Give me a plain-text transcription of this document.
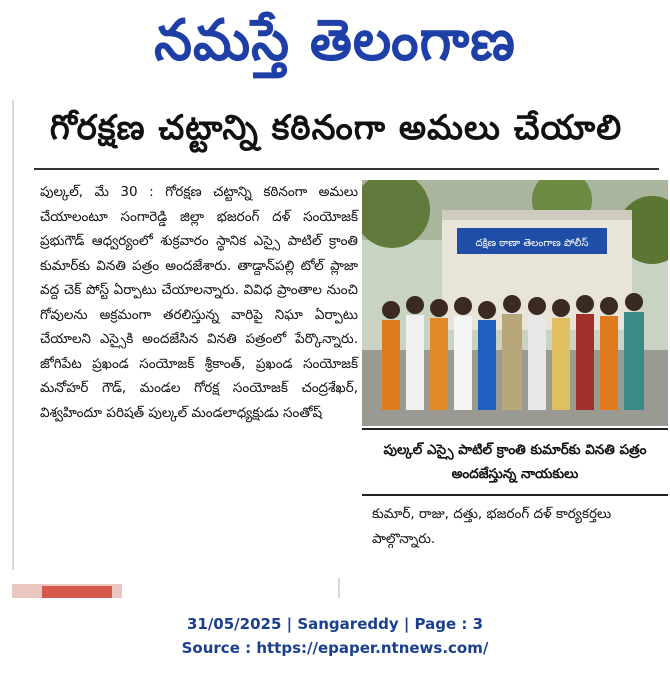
నమస్తే తెలంగాణ
గోరక్షణ చట్టాన్ని కఠినంగా అమలు చేయాలి

పుల్కల్, మే 30 : గోరక్షణ చట్టాన్ని కఠినంగా అమలు చేయాలంటూ సంగారెడ్డి జిల్లా భజరంగ్ దళ్ సంయోజక్ ప్రభుగౌడ్ ఆధ్వర్యంలో శుక్రవారం స్థానిక ఎస్సై పాటిల్ క్రాంతి కుమార్‌కు వినతి పత్రం అందజేశారు. తాడ్దాన్‌పల్లి టోల్ ప్లాజా వద్ద చెక్ పోస్ట్ ఏర్పాటు చేయాలన్నారు. వివిధ ప్రాంతాల నుంచి గోవులను అక్రమంగా తరలిస్తున్న వారిపై నిఘా ఏర్పాటు చేయాలని ఎస్సైకి అందజేసిన వినతి పత్రంలో పేర్కొన్నారు. జోగిపేట ప్రఖండ సంయోజక్ శ్రీకాంత్, ప్రఖండ సంయోజక్ మనోహర్ గౌడ్, మండల గోరక్ష సంయోజక్ చంద్రశేఖర్, విశ్వహిందూ పరిషత్ పుల్కల్ మండలాధ్యక్షుడు సంతోష్

దక్షిణ ఠాణా తెలంగాణ పోలీస్
పుల్కల్ ఎస్సై పాటిల్ క్రాంతి కుమార్‌కు వినతి పత్రం అందజేస్తున్న నాయకులు
కుమార్, రాజు, దత్తు, భజరంగ్ దళ్ కార్యకర్తలు పాల్గొన్నారు.
31/05/2025 | Sangareddy | Page : 3
Source : https://epaper.ntnews.com/
